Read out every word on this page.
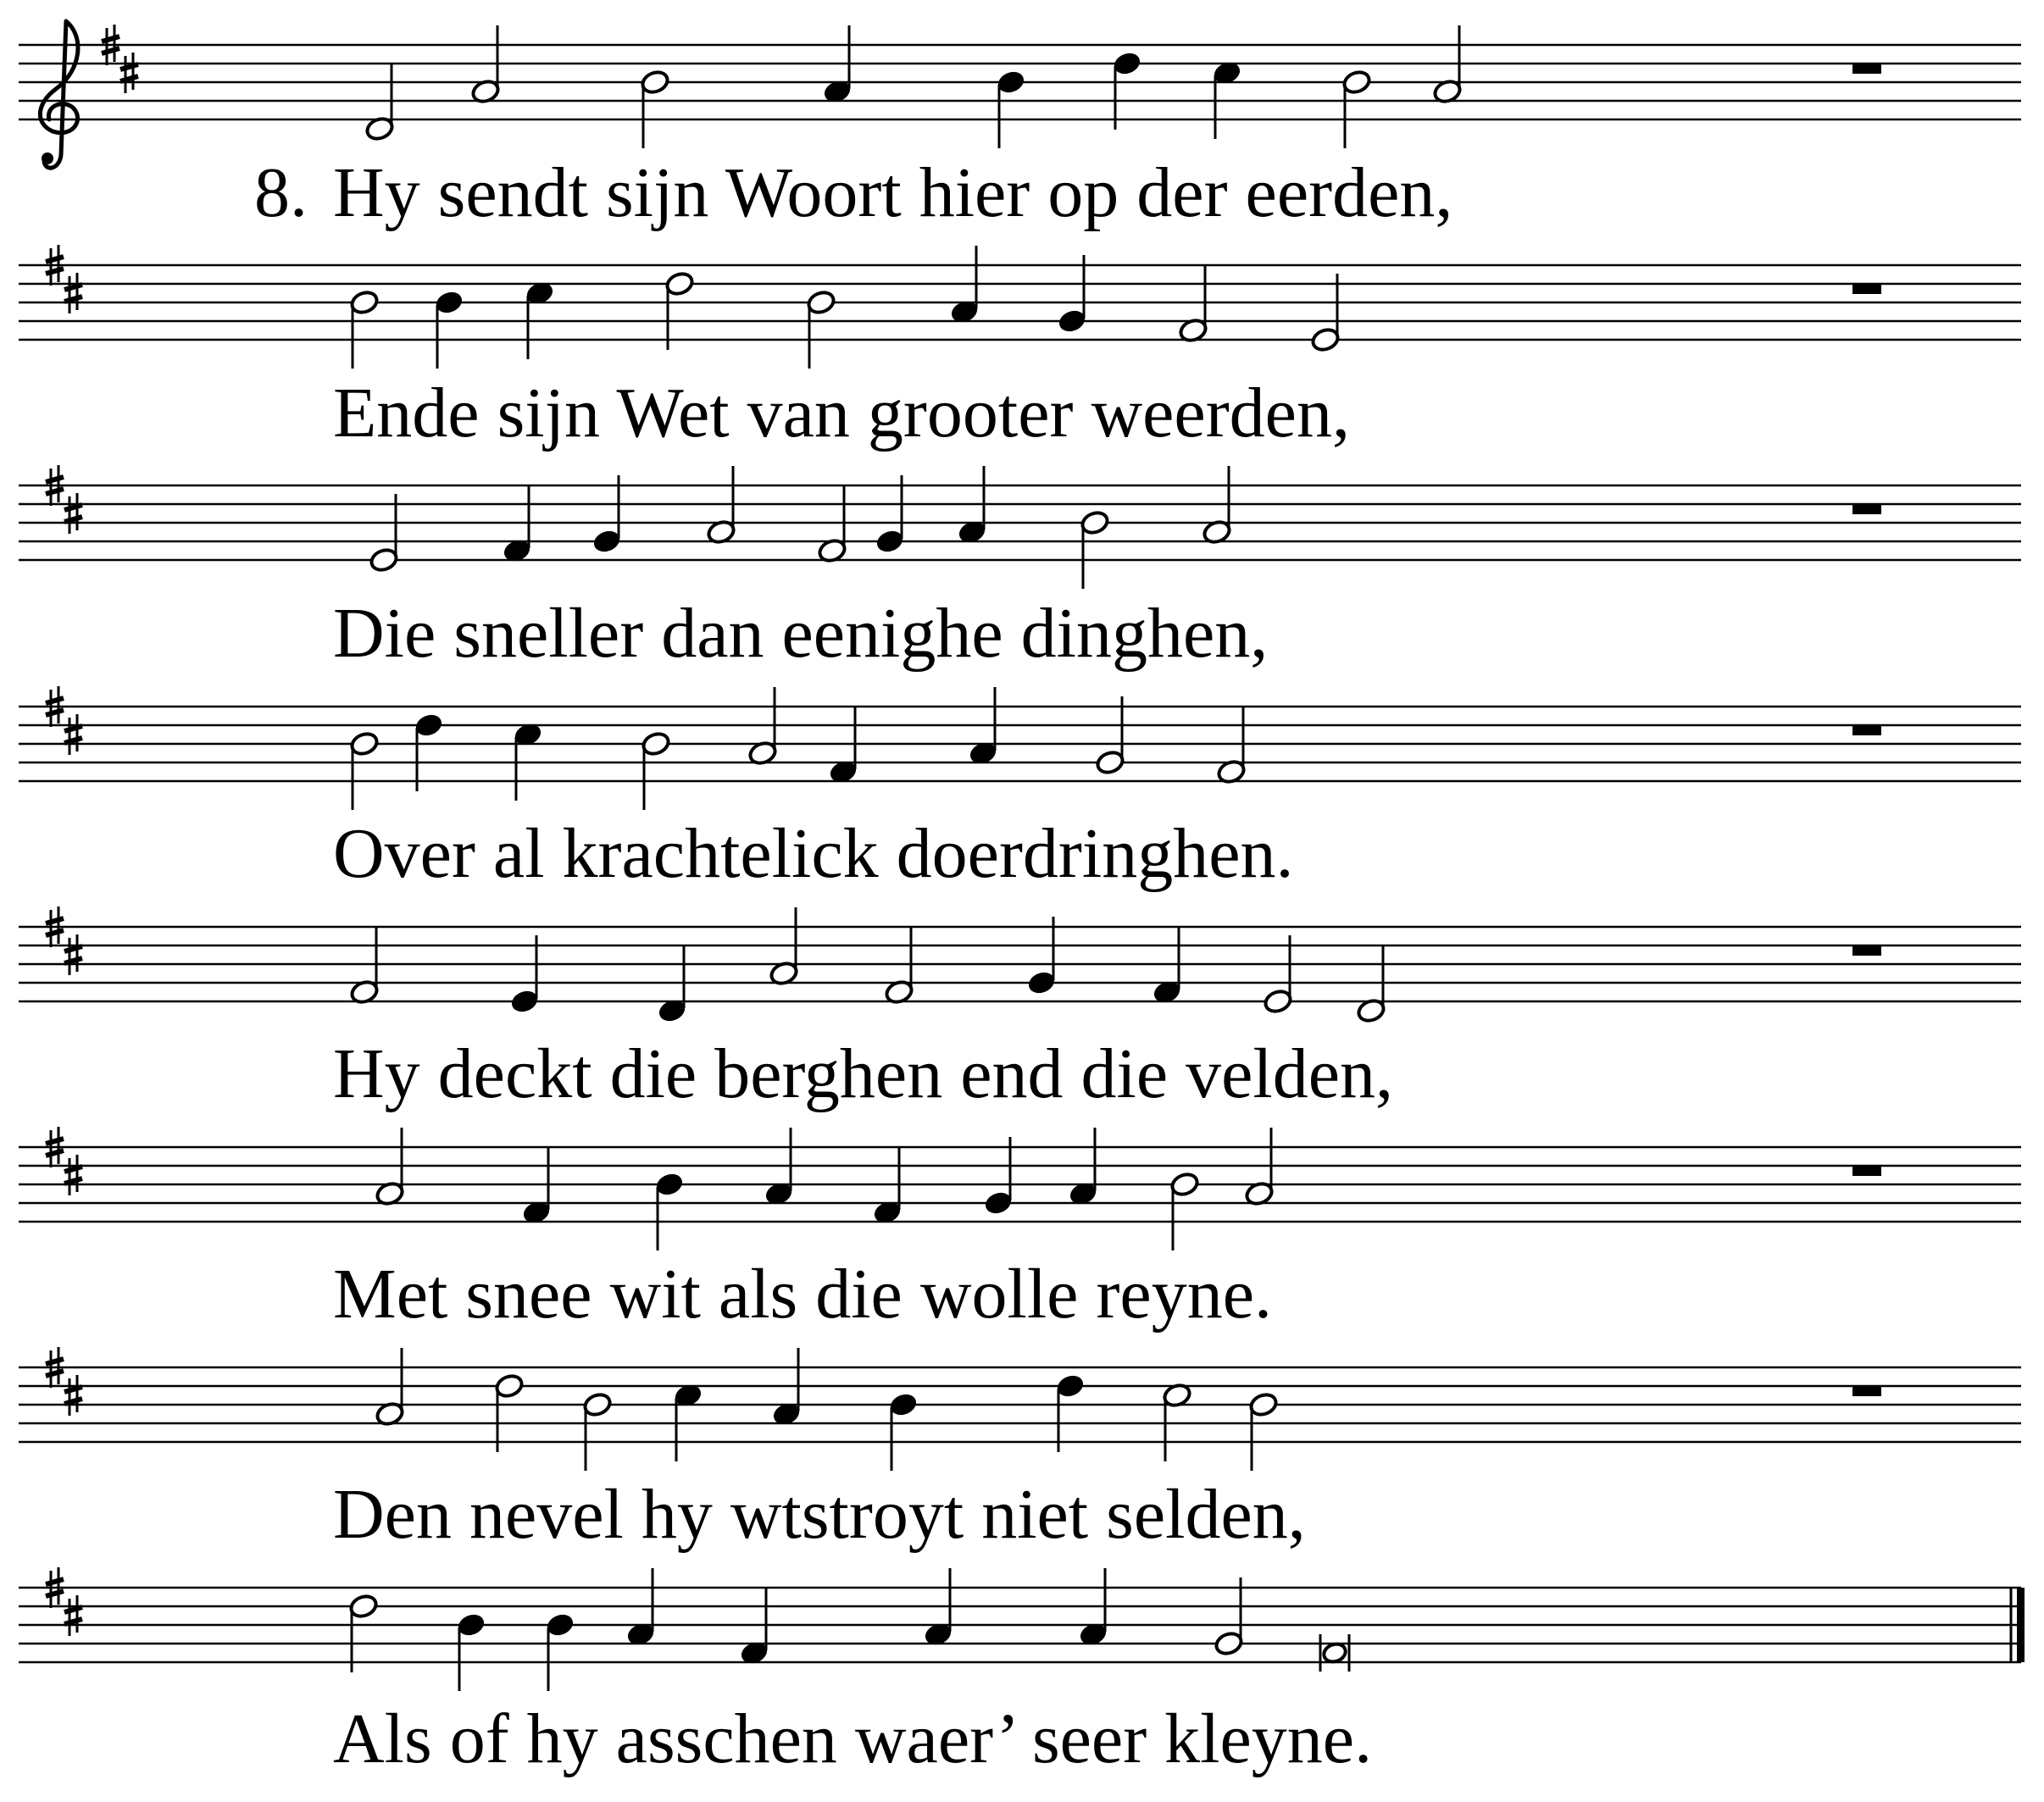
8. Hy sendt sijn Woort hier op der eerden,
Ende sijn Wet van grooter weerden,
Die sneller dan eenighe dinghen,
Over al krachtelick doerdringhen.
Hy deckt die berghen end die velden,
Met snee wit als die wolle reyne.
Den nevel hy wtstroyt niet selden,
Als of hy asschen waer’ seer kleyne.
